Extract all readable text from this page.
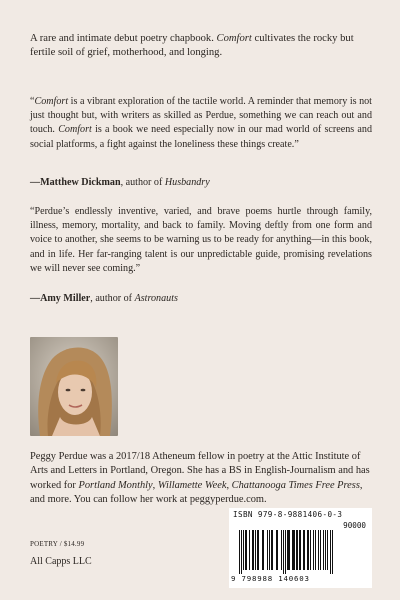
A rare and intimate debut poetry chapbook. Comfort cultivates the rocky but fertile soil of grief, motherhood, and longing.

“Comfort is a vibrant exploration of the tactile world. A reminder that memory is not just thought but, with writers as skilled as Perdue, something we can reach out and touch. Comfort is a book we need especially now in our mad world of screens and social platforms, a fight against the loneliness these things create.”

—Matthew Dickman, author of Husbandry

“Perdue’s endlessly inventive, varied, and brave poems hurtle through family, illness, memory, mortality, and back to family. Moving deftly from one form and voice to another, she seems to be warning us to be ready for anything—in this book, and in life. Her far-ranging talent is our unpredictable guide, promising revelations we will never see coming.”

—Amy Miller, author of Astronauts

Peggy Perdue was a 2017/18 Atheneum fellow in poetry at the Attic Institute of Arts and Letters in Portland, Oregon. She has a BS in English-Journalism and has worked for Portland Monthly, Willamette Week, Chattanooga Times Free Press, and more. You can follow her work at peggyperdue.com.

POETRY / $14.99

All Capps LLC

ISBN 979-8-9881406-0-3
90000
9 798988 140603
